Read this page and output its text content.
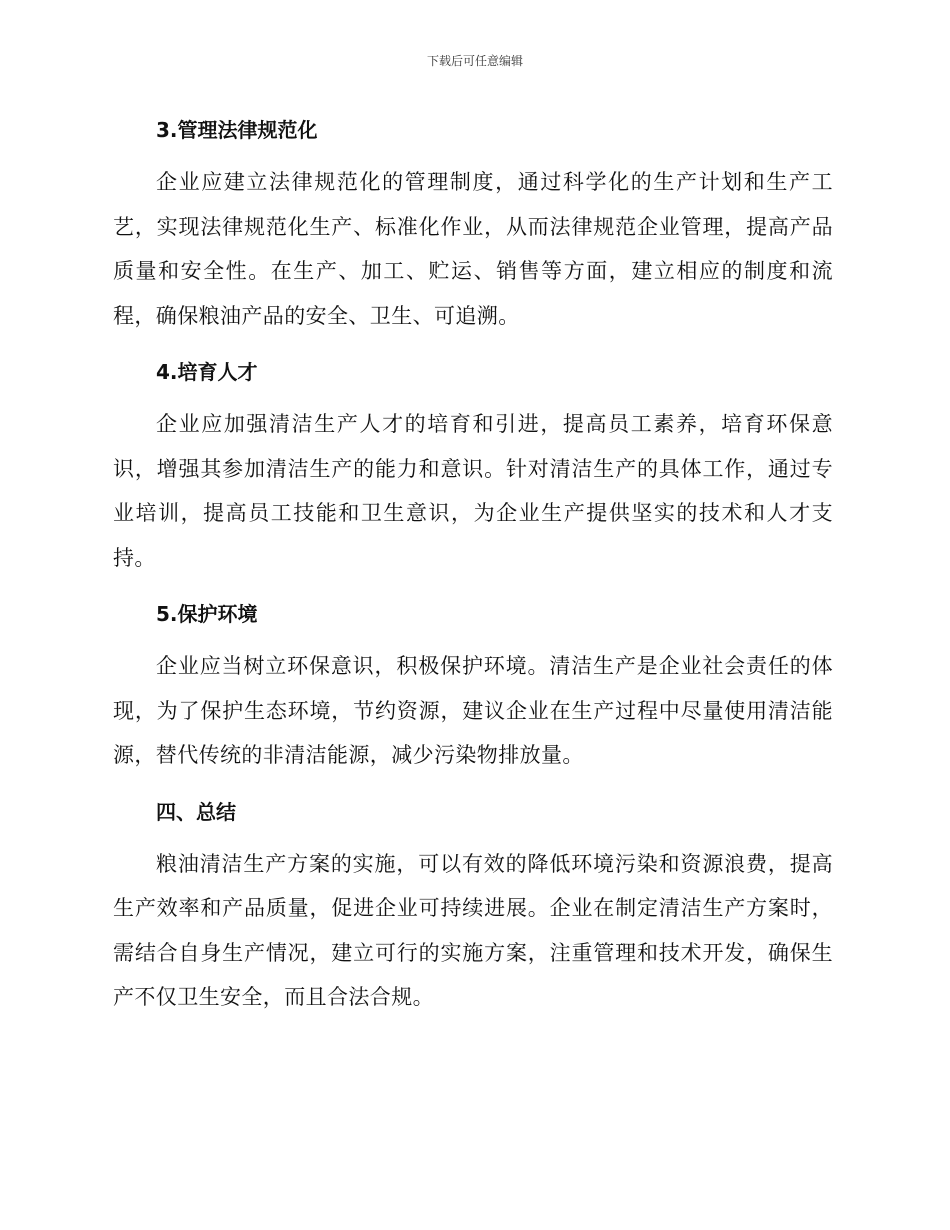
下载后可任意编辑
3.管理法律规范化

企业应建立法律规范化的管理制度，通过科学化的生产计划和生产工艺，实现法律规范化生产、标准化作业，从而法律规范企业管理，提高产品质量和安全性。在生产、加工、贮运、销售等方面，建立相应的制度和流程，确保粮油产品的安全、卫生、可追溯。

4.培育人才

企业应加强清洁生产人才的培育和引进，提高员工素养，培育环保意识，增强其参加清洁生产的能力和意识。针对清洁生产的具体工作，通过专业培训，提高员工技能和卫生意识，为企业生产提供坚实的技术和人才支持。

5.保护环境

企业应当树立环保意识，积极保护环境。清洁生产是企业社会责任的体现，为了保护生态环境，节约资源，建议企业在生产过程中尽量使用清洁能源，替代传统的非清洁能源，减少污染物排放量。

四、总结

粮油清洁生产方案的实施，可以有效的降低环境污染和资源浪费，提高生产效率和产品质量，促进企业可持续进展。企业在制定清洁生产方案时，需结合自身生产情况，建立可行的实施方案，注重管理和技术开发，确保生产不仅卫生安全，而且合法合规。
